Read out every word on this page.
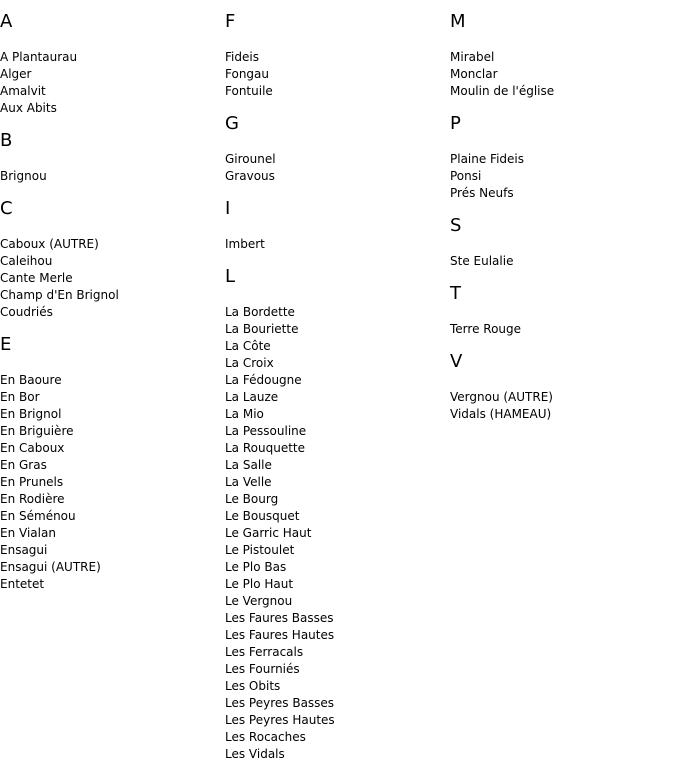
A
A Plantaurau
Alger
Amalvit
Aux Abits
B
Brignou
C
Caboux (AUTRE)
Caleihou
Cante Merle
Champ d'En Brignol
Coudriés
E
En Baoure
En Bor
En Brignol
En Briguière
En Caboux
En Gras
En Prunels
En Rodière
En Séménou
En Vialan
Ensagui
Ensagui (AUTRE)
Entetet
F
Fideis
Fongau
Fontuile
G
Girounel
Gravous
I
Imbert
L
La Bordette
La Bouriette
La Côte
La Croix
La Fédougne
La Lauze
La Mio
La Pessouline
La Rouquette
La Salle
La Velle
Le Bourg
Le Bousquet
Le Garric Haut
Le Pistoulet
Le Plo Bas
Le Plo Haut
Le Vergnou
Les Faures Basses
Les Faures Hautes
Les Ferracals
Les Fourniés
Les Obits
Les Peyres Basses
Les Peyres Hautes
Les Rocaches
Les Vidals
M
Mirabel
Monclar
Moulin de l'église
P
Plaine Fideis
Ponsi
Prés Neufs
S
Ste Eulalie
T
Terre Rouge
V
Vergnou (AUTRE)
Vidals (HAMEAU)
